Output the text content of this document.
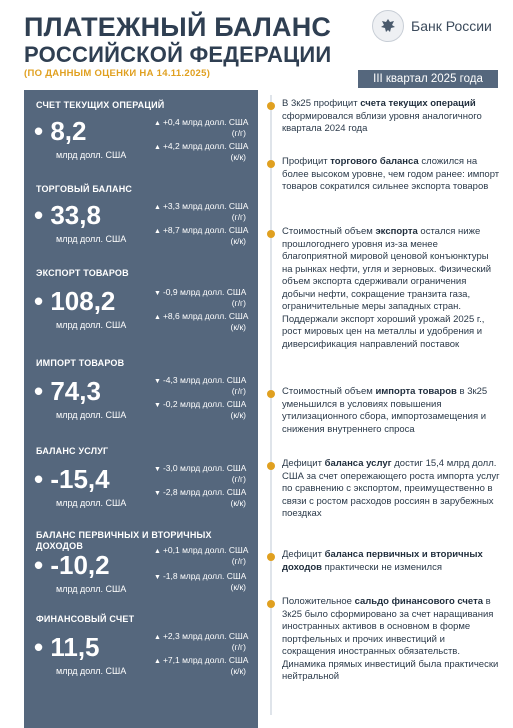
ПЛАТЕЖНЫЙ БАЛАНС
РОССИЙСКОЙ ФЕДЕРАЦИИ
(ПО ДАННЫМ ОЦЕНКИ НА 14.11.2025)
Банк России
III квартал 2025 года
СЧЕТ ТЕКУЩИХ ОПЕРАЦИЙ
• 8,2
млрд долл. США
▲ +0,4 млрд долл. США
(г/г)
▲ +4,2 млрд долл. США
(к/к)
ТОРГОВЫЙ БАЛАНС
• 33,8
млрд долл. США
▲ +3,3 млрд долл. США
(г/г)
▲ +8,7 млрд долл. США
(к/к)
ЭКСПОРТ ТОВАРОВ
• 108,2
млрд долл. США
▼ -0,9 млрд долл. США
(г/г)
▲ +8,6 млрд долл. США
(к/к)
ИМПОРТ ТОВАРОВ
• 74,3
млрд долл. США
▼ -4,3 млрд долл. США
(г/г)
▼ -0,2 млрд долл. США
(к/к)
БАЛАНС УСЛУГ
• -15,4
млрд долл. США
▼ -3,0 млрд долл. США
(г/г)
▼ -2,8 млрд долл. США
(к/к)
БАЛАНС ПЕРВИЧНЫХ И ВТОРИЧНЫХ ДОХОДОВ
• -10,2
млрд долл. США
▲ +0,1 млрд долл. США
(г/г)
▼ -1,8 млрд долл. США
(к/к)
ФИНАНСОВЫЙ СЧЕТ
• 11,5
млрд долл. США
▲ +2,3 млрд долл. США
(г/г)
▲ +7,1 млрд долл. США
(к/к)
В 3к25 профицит счета текущих операций сформировался вблизи уровня аналогичного квартала 2024 года
Профицит торгового баланса сложился на более высоком уровне, чем годом ранее: импорт товаров сократился сильнее экспорта товаров
Стоимостный объем экспорта остался ниже прошлогоднего уровня из-за менее благоприятной мировой ценовой конъюнктуры на рынках нефти, угля и зерновых. Физический объем экспорта сдерживали ограничения добычи нефти, сокращение транзита газа, ограничительные меры западных стран. Поддержали экспорт хороший урожай 2025 г., рост мировых цен на металлы и удобрения и диверсификация направлений поставок
Стоимостный объем импорта товаров в 3к25 уменьшился в условиях повышения утилизационного сбора, импортозамещения и снижения внутреннего спроса
Дефицит баланса услуг достиг 15,4 млрд долл. США за счет опережающего роста импорта услуг по сравнению с экспортом, преимущественно в связи с ростом расходов россиян в зарубежных поездках
Дефицит баланса первичных и вторичных доходов практически не изменился
Положительное сальдо финансового счета в 3к25 было сформировано за счет наращивания иностранных активов в основном в форме портфельных и прочих инвестиций и сокращения иностранных обязательств. Динамика прямых инвестиций была практически нейтральной
